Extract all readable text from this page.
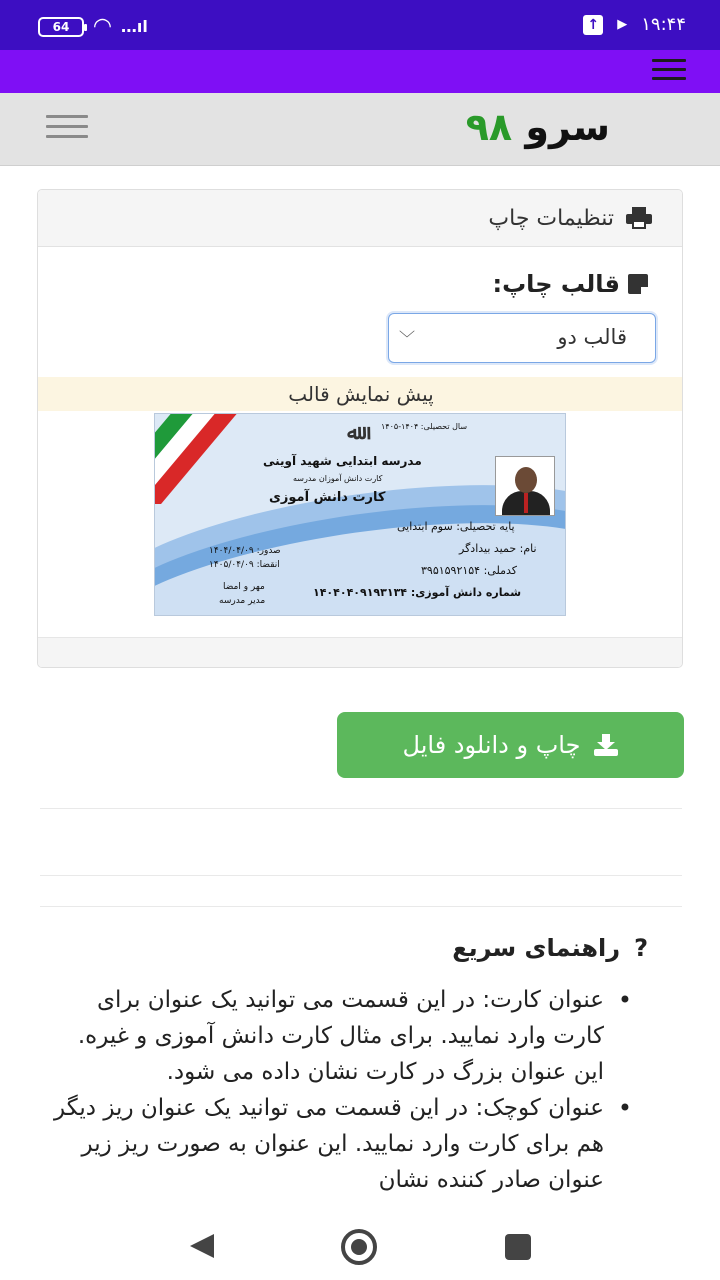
64 ◠ …ıl	↑ ▶ ۱۹:۴۴
سرو ۹۸
تنظیمات چاپ
قالب چاپ:
قالب دو
﹀
پیش نمایش قالب
ﷲ	سال تحصیلی: ۱۴۰۴-۱۴۰۵
مدرسه ابتدایی شهید آوینی
کارت دانش آموزان مدرسه
کارت دانش آموزی
پایه تحصیلی: سوم ابتدایی
نام: حمید بیدادگر
کدملی: ۳۹۵۱۵۹۲۱۵۴
شماره دانش آموزی: ۱۴۰۴۰۴۰۹۱۹۳۱۳۴
صدور: ۱۴۰۴/۰۴/۰۹
انقضا: ۱۴۰۵/۰۴/۰۹
مهر و امضا
مدیر مدرسه
چاپ و دانلود فایل
?
راهنمای سریع
• عنوان کارت: در این قسمت می توانید یک عنوان برای کارت وارد نمایید. برای مثال کارت دانش آموزی و غیره. این عنوان بزرگ در کارت نشان داده می شود.
• عنوان کوچک: در این قسمت می توانید یک عنوان ریز دیگر هم برای کارت وارد نمایید. این عنوان به صورت ریز زیر عنوان صادر کننده نشان
